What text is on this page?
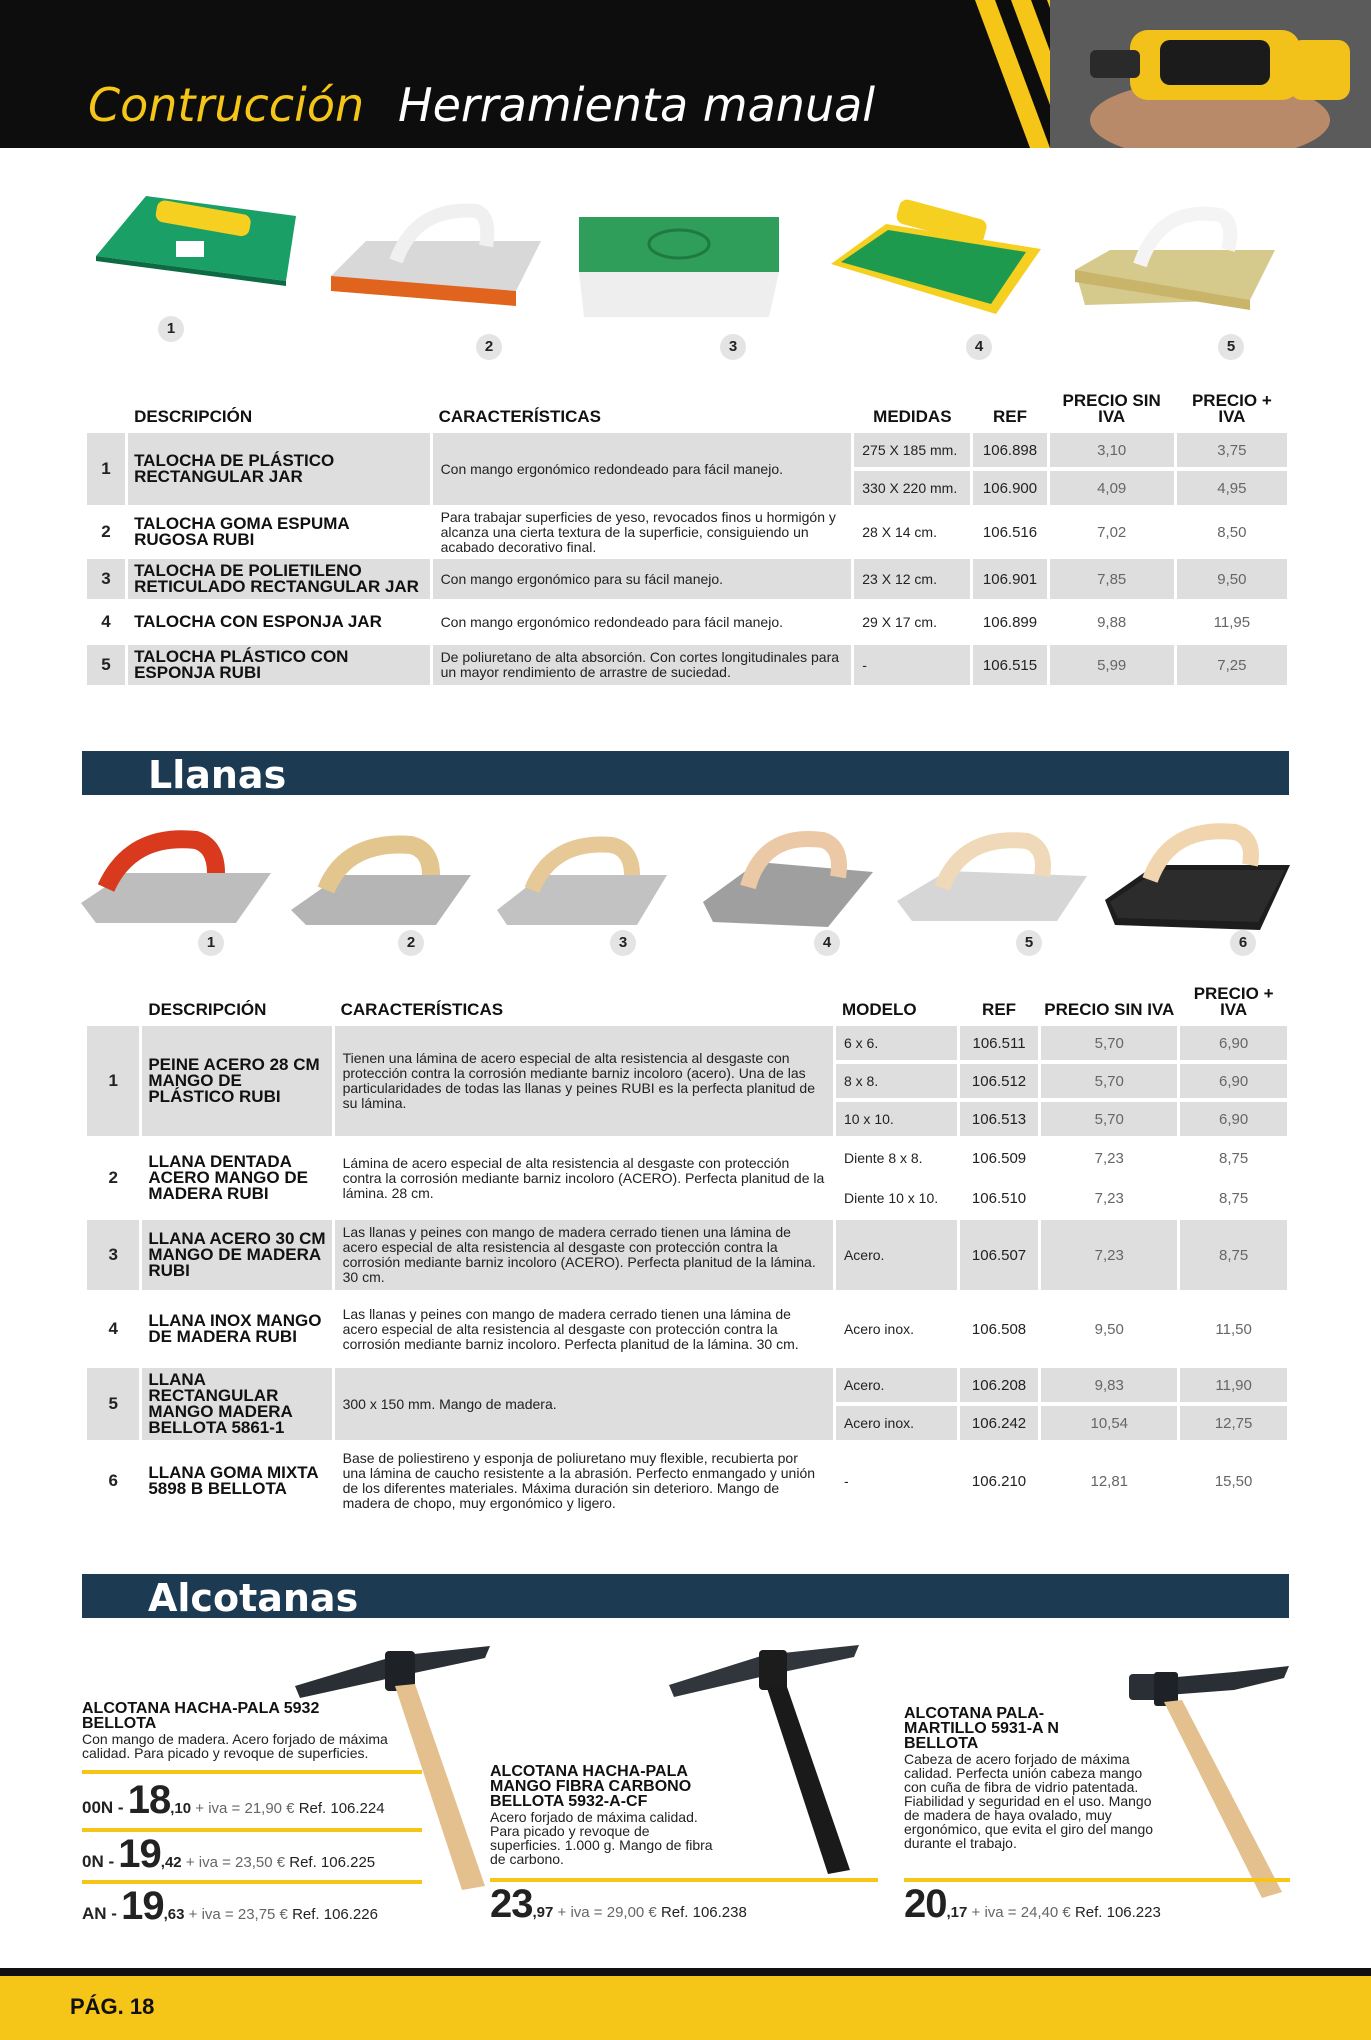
Contrucción Herramienta manual
1
2	3	4	5
	DESCRIPCIÓN	CARACTERÍSTICAS	MEDIDAS	REF	PRECIO SIN IVA	PRECIO + IVA
1	TALOCHA DE PLÁSTICO RECTANGULAR JAR	Con mango ergonómico redondeado para fácil manejo.	275 X 185 mm.	106.898	3,10	3,75
			330 X 220 mm.	106.900	4,09	4,95
2	TALOCHA GOMA ESPUMA RUGOSA RUBI	Para trabajar superficies de yeso, revocados finos u hormigón y alcanza una cierta textura de la superficie, consiguiendo un acabado decorativo final.	28 X 14 cm.	106.516	7,02	8,50
3	TALOCHA DE POLIETILENO RETICULADO RECTANGULAR JAR	Con mango ergonómico para su fácil manejo.	23 X 12 cm.	106.901	7,85	9,50
4	TALOCHA CON ESPONJA JAR	Con mango ergonómico redondeado para fácil manejo.	29 X 17 cm.	106.899	9,88	11,95
5	TALOCHA PLÁSTICO CON ESPONJA RUBI	De poliuretano de alta absorción. Con cortes longitudinales para un mayor rendimiento de arrastre de suciedad.	-	106.515	5,99	7,25
Llanas
1	2	3	4	5	6
	DESCRIPCIÓN	CARACTERÍSTICAS	MODELO	REF	PRECIO SIN IVA	PRECIO + IVA
1	PEINE ACERO 28 CM MANGO DE PLÁSTICO RUBI	Tienen una lámina de acero especial de alta resistencia al desgaste con protección contra la corrosión mediante barniz incoloro (acero). Una de las particularidades de todas las llanas y peines RUBI es la perfecta planitud de su lámina.	6 x 6.	106.511	5,70	6,90
			8 x 8.	106.512	5,70	6,90
			10 x 10.	106.513	5,70	6,90
2	LLANA DENTADA ACERO MANGO DE MADERA RUBI	Lámina de acero especial de alta resistencia al desgaste con protección contra la corrosión mediante barniz incoloro (ACERO). Perfecta planitud de la lámina. 28 cm.	Diente 8 x 8.	106.509	7,23	8,75
			Diente 10 x 10.	106.510	7,23	8,75
3	LLANA ACERO 30 CM MANGO DE MADERA RUBI	Las llanas y peines con mango de madera cerrado tienen una lámina de acero especial de alta resistencia al desgaste con protección contra la corrosión mediante barniz incoloro (ACERO). Perfecta planitud de la lámina. 30 cm.	Acero.	106.507	7,23	8,75
4	LLANA INOX MANGO DE MADERA RUBI	Las llanas y peines con mango de madera cerrado tienen una lámina de acero especial de alta resistencia al desgaste con protección contra la corrosión mediante barniz incoloro. Perfecta planitud de la lámina. 30 cm.	Acero inox.	106.508	9,50	11,50
5	LLANA RECTANGULAR MANGO MADERA BELLOTA 5861-1	300 x 150 mm. Mango de madera.	Acero.	106.208	9,83	11,90
			Acero inox.	106.242	10,54	12,75
6	LLANA GOMA MIXTA 5898 B BELLOTA	Base de poliestireno y esponja de poliuretano muy flexible, recubierta por una lámina de caucho resistente a la abrasión. Perfecto enmangado y unión de los diferentes materiales. Máxima duración sin deterioro. Mango de madera de chopo, muy ergonómico y ligero.	-	106.210	12,81	15,50
Alcotanas
ALCOTANA HACHA-PALA 5932 BELLOTA
Con mango de madera. Acero forjado de máxima calidad. Para picado y revoque de superficies.
00N - 18,10 + iva = 21,90 € Ref. 106.224
0N - 19,42 + iva = 23,50 € Ref. 106.225
AN - 19,63 + iva = 23,75 € Ref. 106.226
ALCOTANA HACHA-PALA MANGO FIBRA CARBONO BELLOTA 5932-A-CF
Acero forjado de máxima calidad. Para picado y revoque de superficies. 1.000 g. Mango de fibra de carbono.
23,97 + iva = 29,00 € Ref. 106.238
ALCOTANA PALA-MARTILLO 5931-A N BELLOTA
Cabeza de acero forjado de máxima calidad. Perfecta unión cabeza mango con cuña de fibra de vidrio patentada. Fiabilidad y seguridad en el uso. Mango de madera de haya ovalado, muy ergonómico, que evita el giro del mango durante el trabajo.
20,17 + iva = 24,40 € Ref. 106.223
PÁG. 18
